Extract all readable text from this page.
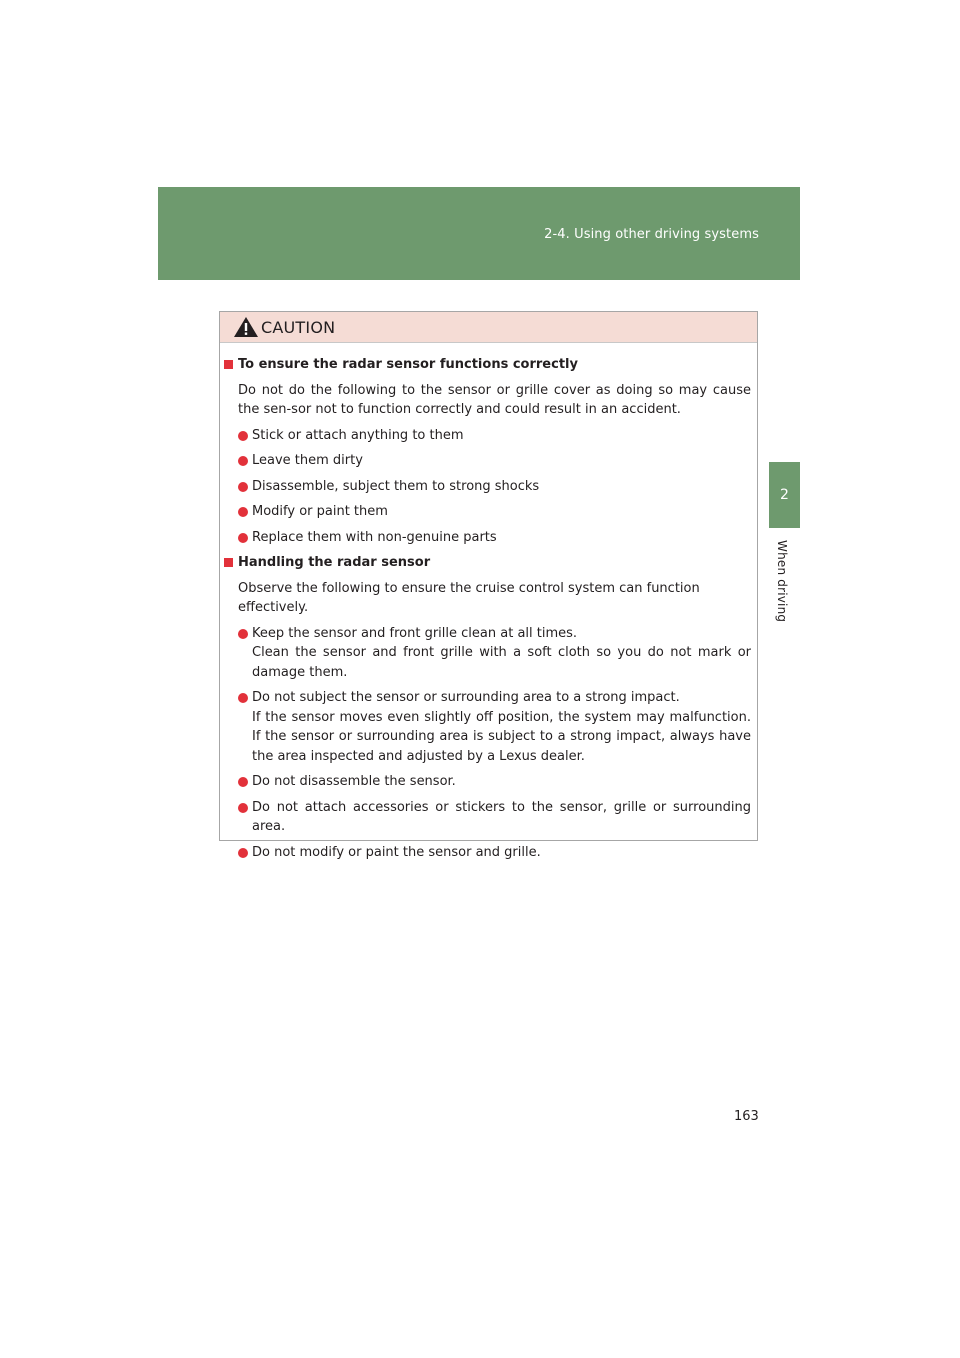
2-4. Using other driving systems
2
When driving
CAUTION
To ensure the radar sensor functions correctly
Do not do the following to the sensor or grille cover as doing so may cause the sen-sor not to function correctly and could result in an accident.
Stick or attach anything to them
Leave them dirty
Disassemble, subject them to strong shocks
Modify or paint them
Replace them with non-genuine parts
Handling the radar sensor
Observe the following to ensure the cruise control system can function effectively.
Keep the sensor and front grille clean at all times.
Clean the sensor and front grille with a soft cloth so you do not mark or damage them.
Do not subject the sensor or surrounding area to a strong impact.
If the sensor moves even slightly off position, the system may malfunction. If the sensor or surrounding area is subject to a strong impact, always have the area inspected and adjusted by a Lexus dealer.
Do not disassemble the sensor.
Do not attach accessories or stickers to the sensor, grille or surrounding area.
Do not modify or paint the sensor and grille.
163
